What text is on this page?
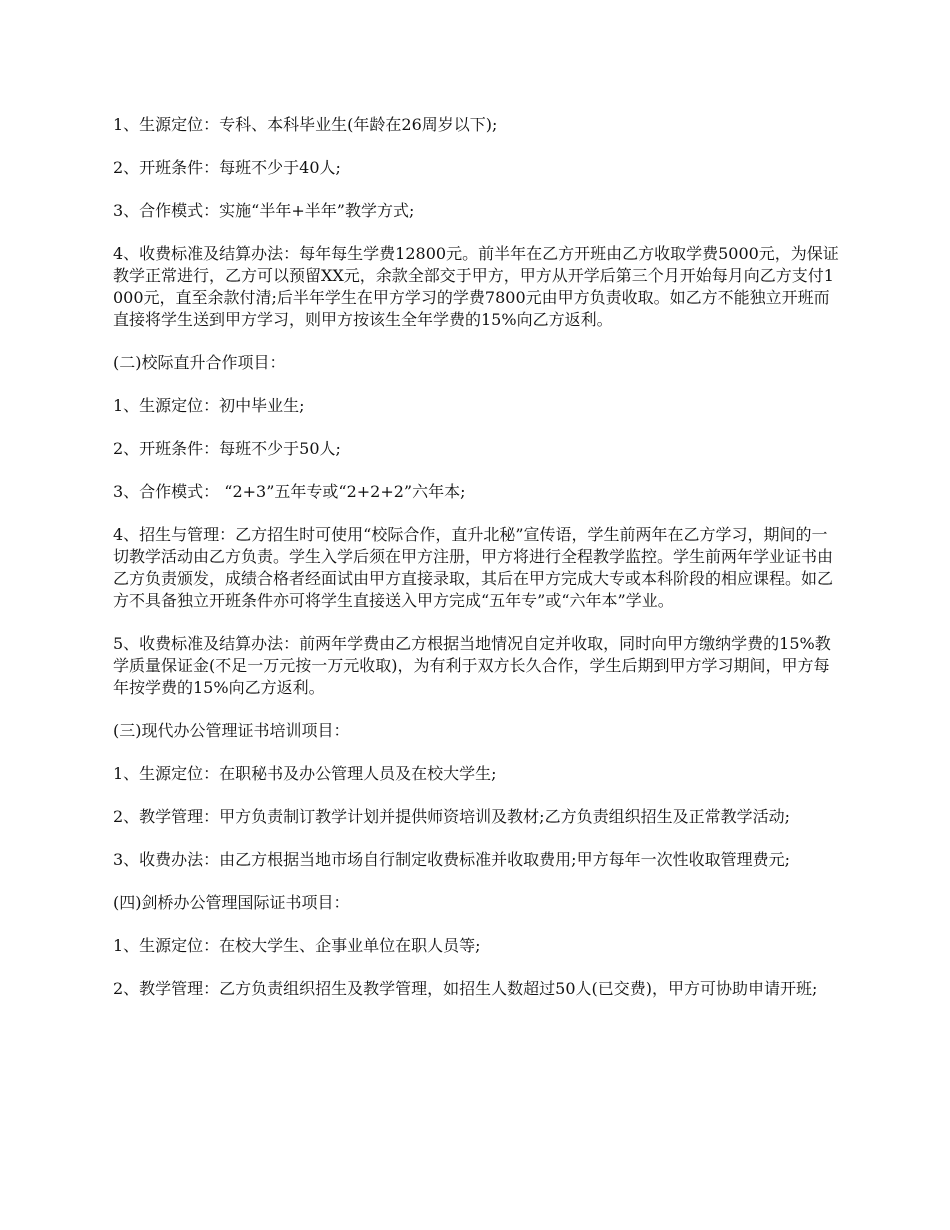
1、生源定位：专科、本科毕业生(年龄在26周岁以下);

2、开班条件：每班不少于40人;

3、合作模式：实施“半年+半年”教学方式;

4、收费标准及结算办法：每年每生学费12800元。前半年在乙方开班由乙方收取学费5000元，为保证教学正常进行，乙方可以预留XX元，余款全部交于甲方，甲方从开学后第三个月开始每月向乙方支付1000元，直至余款付清;后半年学生在甲方学习的学费7800元由甲方负责收取。如乙方不能独立开班而直接将学生送到甲方学习，则甲方按该生全年学费的15%向乙方返利。

(二)校际直升合作项目：

1、生源定位：初中毕业生;

2、开班条件：每班不少于50人;

3、合作模式： “2+3”五年专或“2+2+2”六年本;

4、招生与管理：乙方招生时可使用“校际合作，直升北秘”宣传语，学生前两年在乙方学习，期间的一切教学活动由乙方负责。学生入学后须在甲方注册，甲方将进行全程教学监控。学生前两年学业证书由乙方负责颁发，成绩合格者经面试由甲方直接录取，其后在甲方完成大专或本科阶段的相应课程。如乙方不具备独立开班条件亦可将学生直接送入甲方完成“五年专”或“六年本”学业。

5、收费标准及结算办法：前两年学费由乙方根据当地情况自定并收取，同时向甲方缴纳学费的15%教学质量保证金(不足一万元按一万元收取)，为有利于双方长久合作，学生后期到甲方学习期间，甲方每年按学费的15%向乙方返利。

(三)现代办公管理证书培训项目：

1、生源定位：在职秘书及办公管理人员及在校大学生;

2、教学管理：甲方负责制订教学计划并提供师资培训及教材;乙方负责组织招生及正常教学活动;

3、收费办法：由乙方根据当地市场自行制定收费标准并收取费用;甲方每年一次性收取管理费元;

(四)剑桥办公管理国际证书项目：

1、生源定位：在校大学生、企事业单位在职人员等;

2、教学管理：乙方负责组织招生及教学管理，如招生人数超过50人(已交费)，甲方可协助申请开班;
